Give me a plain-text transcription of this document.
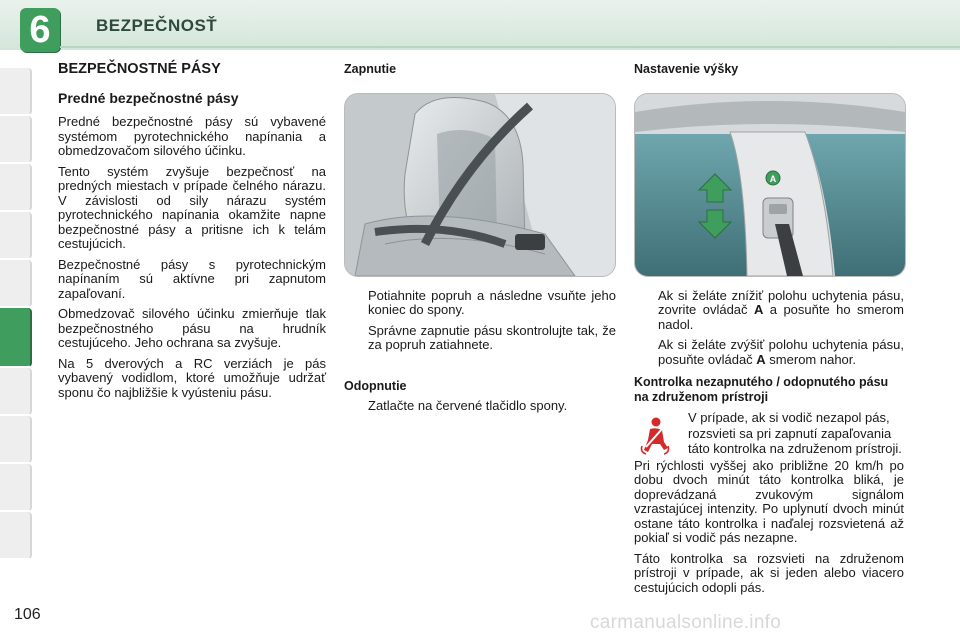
6	BEZPEČNOSŤ
BEZPEČNOSTNÉ PÁSY
Predné bezpečnostné pásy

Predné bezpečnostné pásy sú vybavené systémom pyrotechnického napínania a obmedzovačom silového účinku.

Tento systém zvyšuje bezpečnosť na predných miestach v prípade čelného nárazu. V závislosti od sily nárazu systém pyrotechnického napínania okamžite napne bezpečnostné pásy a pritisne ich k telám cestujúcich.

Bezpečnostné pásy s pyrotechnickým napínaním sú aktívne pri zapnutom zapaľovaní.

Obmedzovač silového účinku zmierňuje tlak bezpečnostného pásu na hrudník cestujúceho. Jeho ochrana sa zvyšuje.

Na 5 dverových a RC verziách je pás vybavený vodidlom, ktoré umožňuje udržať sponu čo najbližšie k vyústeniu pásu.

Zapnutie
Potiahnite popruh a následne vsuňte jeho koniec do spony.
Správne zapnutie pásu skontrolujte tak, že za popruh zatiahnete.
Odopnutie
Zatlačte na červené tlačidlo spony.
Nastavenie výšky
A
Ak si želáte znížiť polohu uchytenia pásu, zovrite ovládač A a posuňte ho smerom nadol.
Ak si želáte zvýšiť polohu uchytenia pásu, posuňte ovládač A smerom nahor.
Kontrolka nezapnutého / odopnutého pásu na združenom prístroji
V prípade, ak si vodič nezapol pás, rozsvieti sa pri zapnutí zapaľovania táto kontrolka na združenom prístroji.

Pri rýchlosti vyššej ako približne 20 km/h po dobu dvoch minút táto kontrolka bliká, je doprevádzaná zvukovým signálom vzrastajúcej intenzity. Po uplynutí dvoch minút ostane táto kontrolka i naďalej rozsvietená až pokiaľ si vodič pás nezapne.

Táto kontrolka sa rozsvieti na združenom prístroji v prípade, ak si jeden alebo viacero cestujúcich odopli pás.

106	carmanualsonline.info
